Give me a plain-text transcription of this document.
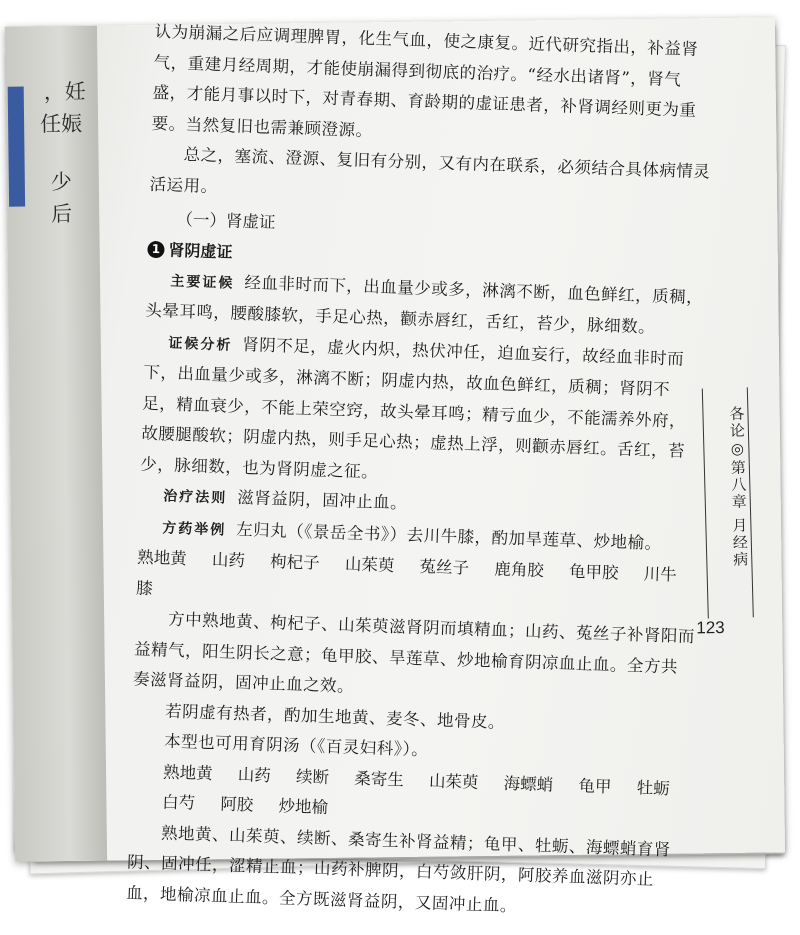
，妊
任娠
少
后

认为崩漏之后应调理脾胃，化生气血，使之康复。近代研究指出，补益肾气，重建月经周期，才能使崩漏得到彻底的治疗。“经水出诸肾”，肾气盛，才能月事以时下，对青春期、育龄期的虚证患者，补肾调经则更为重要。当然复旧也需兼顾澄源。

总之，塞流、澄源、复旧有分别，又有内在联系，必须结合具体病情灵活运用。

（一）肾虚证

1 肾阴虚证

主要证候 经血非时而下，出血量少或多，淋漓不断，血色鲜红，质稠，头晕耳鸣，腰酸膝软，手足心热，颧赤唇红，舌红，苔少，脉细数。

证候分析 肾阴不足，虚火内炽，热伏冲任，迫血妄行，故经血非时而下，出血量少或多，淋漓不断；阴虚内热，故血色鲜红，质稠；肾阴不足，精血衰少，不能上荣空窍，故头晕耳鸣；精亏血少，不能濡养外府，故腰腿酸软；阴虚内热，则手足心热；虚热上浮，则颧赤唇红。舌红，苔少，脉细数，也为肾阴虚之征。

治疗法则 滋肾益阴，固冲止血。

方药举例 左归丸（《景岳全书》）去川牛膝，酌加旱莲草、炒地榆。

熟地黄 山药 枸杞子 山茱萸 菟丝子 鹿角胶 龟甲胶 川牛膝

方中熟地黄、枸杞子、山茱萸滋肾阴而填精血；山药、菟丝子补肾阳而益精气，阳生阴长之意；龟甲胶、旱莲草、炒地榆育阴凉血止血。全方共奏滋肾益阴，固冲止血之效。

若阴虚有热者，酌加生地黄、麦冬、地骨皮。

本型也可用育阴汤（《百灵妇科》）。

熟地黄 山药 续断 桑寄生 山茱萸 海螵蛸 龟甲 牡蛎 白芍 阿胶 炒地榆

熟地黄、山茱萸、续断、桑寄生补肾益精；龟甲、牡蛎、海螵蛸育肾阴、固冲任，涩精止血；山药补脾阴，白芍敛肝阴，阿胶养血滋阴亦止血，地榆凉血止血。全方既滋肾益阴，又固冲止血。

各论◎第八章 月经病
123
